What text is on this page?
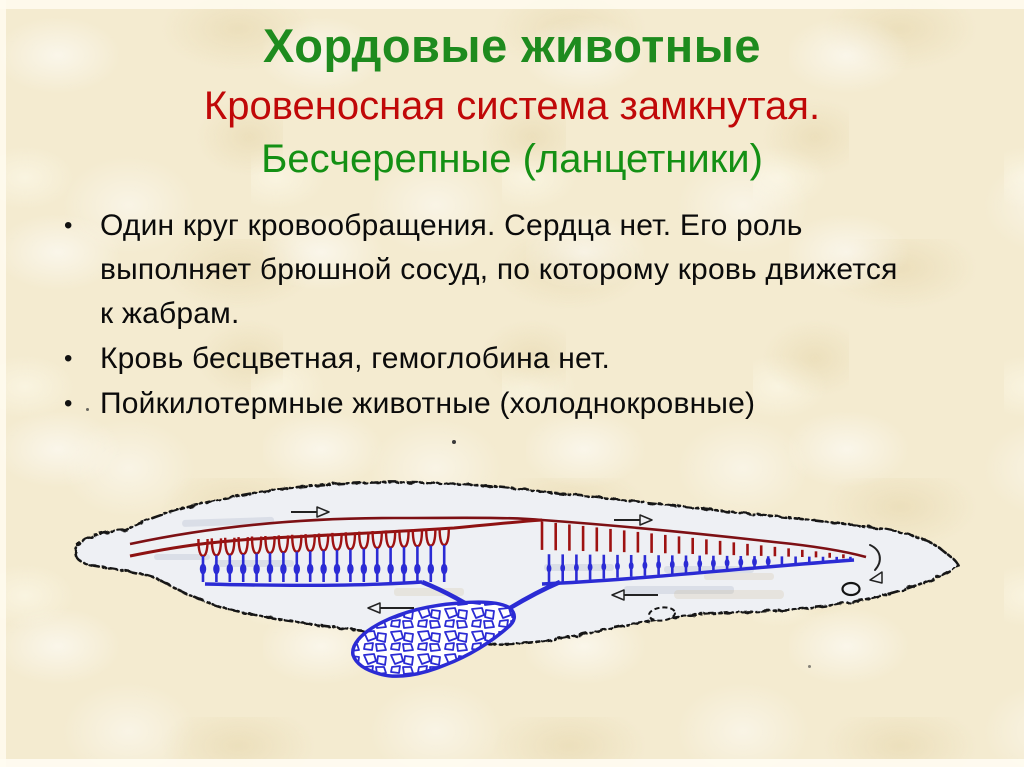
Хордовые животные
Кровеносная система замкнутая.
Бесчерепные (ланцетники)
• Один круг кровообращения. Сердца нет. Его роль выполняет брюшной сосуд, по которому кровь движется к жабрам.
• Кровь бесцветная, гемоглобина нет.
• Пойкилотермные животные (холоднокровные)
